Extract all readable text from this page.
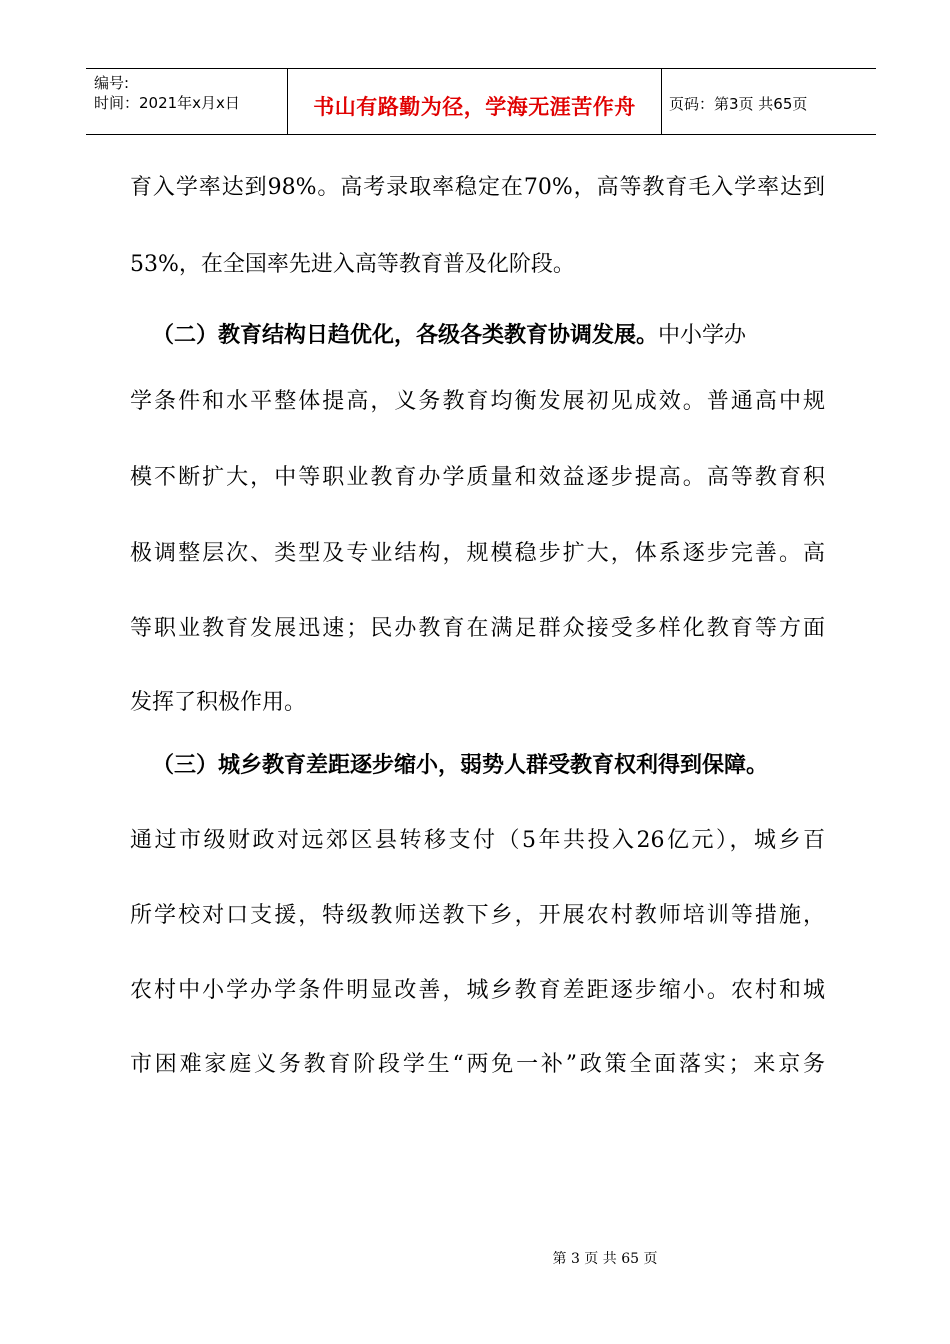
编号:
时间：2021年x月x日	书山有路勤为径，学海无涯苦作舟 页码：第3页 共65页
育入学率达到98%。高考录取率稳定在70%，高等教育毛入学率达到
53%，在全国率先进入高等教育普及化阶段。
（二）教育结构日趋优化，各级各类教育协调发展。中小学办
学条件和水平整体提高，义务教育均衡发展初见成效。普通高中规
模不断扩大，中等职业教育办学质量和效益逐步提高。高等教育积
极调整层次、类型及专业结构，规模稳步扩大，体系逐步完善。高
等职业教育发展迅速；民办教育在满足群众接受多样化教育等方面
发挥了积极作用。
（三）城乡教育差距逐步缩小，弱势人群受教育权利得到保障。
通过市级财政对远郊区县转移支付（5年共投入26亿元），城乡百
所学校对口支援，特级教师送教下乡，开展农村教师培训等措施，
农村中小学办学条件明显改善，城乡教育差距逐步缩小。农村和城
市困难家庭义务教育阶段学生“两免一补”政策全面落实；来京务
第 3 页 共 65 页
